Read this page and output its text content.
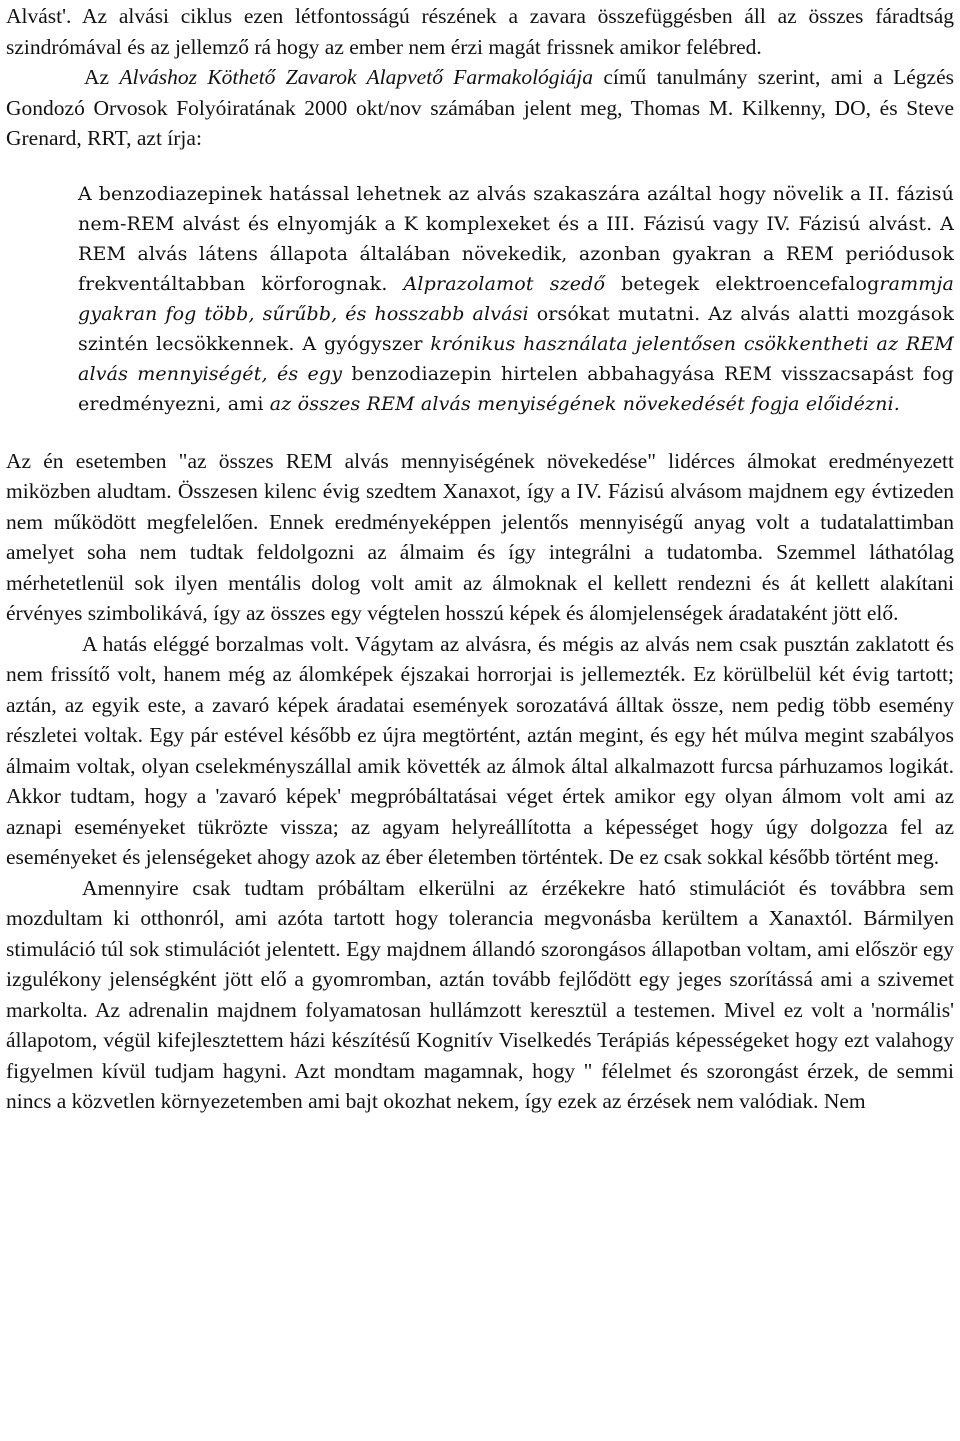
Alvást'. Az alvási ciklus ezen létfontosságú részének a zavara összefüggésben áll az összes fáradtság szindrómával és az jellemző rá hogy az ember nem érzi magát frissnek amikor felébred.

Az Alváshoz Köthető Zavarok Alapvető Farmakológiája című tanulmány szerint, ami a Légzés Gondozó Orvosok Folyóiratának 2000 okt/nov számában jelent meg, Thomas M. Kilkenny, DO, és Steve Grenard, RRT, azt írja:

A benzodiazepinek hatással lehetnek az alvás szakaszára azáltal hogy növelik a II. fázisú nem-REM alvást és elnyomják a K komplexeket és a III. Fázisú vagy IV. Fázisú alvást. A REM alvás látens állapota általában növekedik, azonban gyakran a REM periódusok frekventáltabban körforognak. Alprazolamot szedő betegek elektroencefalogrammja gyakran fog több, sűrűbb, és hosszabb alvási orsókat mutatni. Az alvás alatti mozgások szintén lecsökkennek. A gyógyszer krónikus használata jelentősen csökkentheti az REM alvás mennyiségét, és egy benzodiazepin hirtelen abbahagyása REM visszacsapást fog eredményezni, ami az összes REM alvás menyiségének növekedését fogja előidézni.

Az én esetemben "az összes REM alvás mennyiségének növekedése" lidérces álmokat eredményezett miközben aludtam. Összesen kilenc évig szedtem Xanaxot, így a IV. Fázisú alvásom majdnem egy évtizeden nem működött megfelelően. Ennek eredményeképpen jelentős mennyiségű anyag volt a tudatalattimban amelyet soha nem tudtak feldolgozni az álmaim és így integrálni a tudatomba. Szemmel láthatólag mérhetetlenül sok ilyen mentális dolog volt amit az álmoknak el kellett rendezni és át kellett alakítani érvényes szimbolikává, így az összes egy végtelen hosszú képek és álomjelenségek áradataként jött elő.

A hatás eléggé borzalmas volt. Vágytam az alvásra, és mégis az alvás nem csak pusztán zaklatott és nem frissítő volt, hanem még az álomképek éjszakai horrorjai is jellemezték. Ez körülbelül két évig tartott; aztán, az egyik este, a zavaró képek áradatai események sorozatává álltak össze, nem pedig több esemény részletei voltak. Egy pár estével később ez újra megtörtént, aztán megint, és egy hét múlva megint szabályos álmaim voltak, olyan cselekményszállal amik követték az álmok által alkalmazott furcsa párhuzamos logikát. Akkor tudtam, hogy a 'zavaró képek' megpróbáltatásai véget értek amikor egy olyan álmom volt ami az aznapi eseményeket tükrözte vissza; az agyam helyreállította a képességet hogy úgy dolgozza fel az eseményeket és jelenségeket ahogy azok az éber életemben történtek. De ez csak sokkal később történt meg.

Amennyire csak tudtam próbáltam elkerülni az érzékekre ható stimulációt és továbbra sem mozdultam ki otthonról, ami azóta tartott hogy tolerancia megvonásba kerültem a Xanaxtól. Bármilyen stimuláció túl sok stimulációt jelentett. Egy majdnem állandó szorongásos állapotban voltam, ami először egy izgulékony jelenségként jött elő a gyomromban, aztán tovább fejlődött egy jeges szorítássá ami a szivemet markolta. Az adrenalin majdnem folyamatosan hullámzott keresztül a testemen. Mivel ez volt a 'normális' állapotom, végül kifejlesztettem házi készítésű Kognitív Viselkedés Terápiás képességeket hogy ezt valahogy figyelmen kívül tudjam hagyni. Azt mondtam magamnak, hogy " félelmet és szorongást érzek, de semmi nincs a közvetlen környezetemben ami bajt okozhat nekem, így ezek az érzések nem valódiak. Nem
